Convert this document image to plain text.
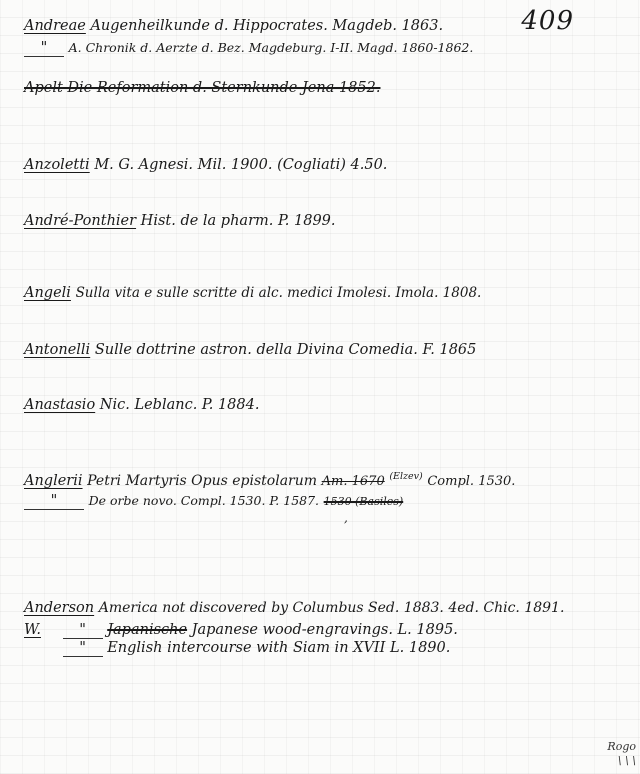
409
Andreae Augenheilkunde d. Hippocrates. Magdeb. 1863.
" A. Chronik d. Aerzte d. Bez. Magdeburg. I-II. Magd. 1860-1862.
Apelt Die Reformation d. Sternkunde Jena 1852.
Anzoletti M. G. Agnesi. Mil. 1900. (Cogliati) 4.50.
André-Ponthier Hist. de la pharm. P. 1899.
Angeli Sulla vita e sulle scritte di alc. medici Imolesi. Imola. 1808.
Antonelli Sulle dottrine astron. della Divina Comedia. F. 1865
Anastasio Nic. Leblanc. P. 1884.
Anglerii Petri Martyris Opus epistolarum Am. 1670 $^{(Elzev)}$ Compl. 1530.
"	De orbe novo. Compl. 1530. P. 1587. 1530 (Basiles)
Anderson America not discovered by Columbus Sed. 1883. 4ed. Chic. 1891.
W.	" Japanische Japanese wood-engravings. L. 1895.
" English intercourse with Siam in XVII L. 1890.
,
Rogo
\ \ \
